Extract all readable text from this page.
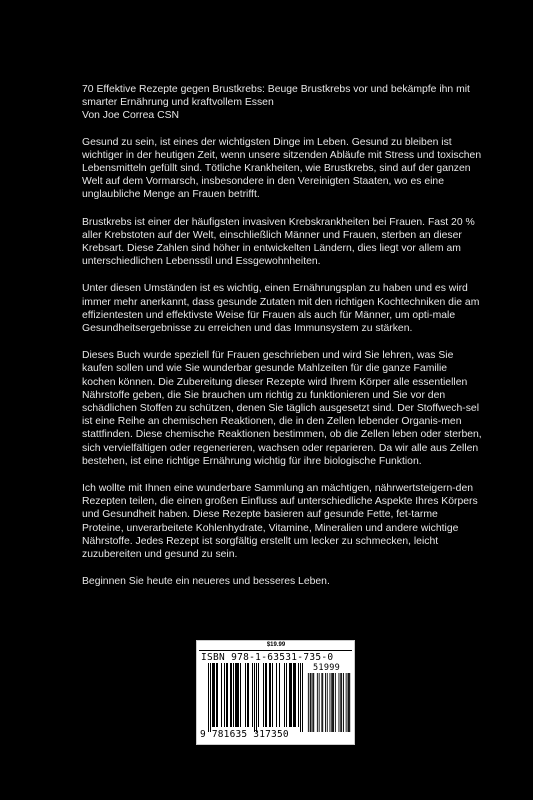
70 Effektive Rezepte gegen Brustkrebs: Beuge Brustkrebs vor und bekämpfe ihn mit
smarter Ernährung und kraftvollem Essen
Von Joe Correa CSN

Gesund zu sein, ist eines der wichtigsten Dinge im Leben. Gesund zu bleiben ist wichtiger in der heutigen Zeit, wenn unsere sitzenden Abläufe mit Stress und toxischen Lebensmitteln gefüllt sind. Tötliche Krankheiten, wie Brustkrebs, sind auf der ganzen Welt auf dem Vormarsch, insbesondere in den Vereinigten Staaten, wo es eine unglaubliche Menge an Frauen betrifft.

Brustkrebs ist einer der häufigsten invasiven Krebskrankheiten bei Frauen. Fast 20 % aller Krebstoten auf der Welt, einschließlich Männer und Frauen, sterben an dieser Krebsart. Diese Zahlen sind höher in entwickelten Ländern, dies liegt vor allem am unterschiedlichen Lebensstil und Essgewohnheiten.

Unter diesen Umständen ist es wichtig, einen Ernährungsplan zu haben und es wird immer mehr anerkannt, dass gesunde Zutaten mit den richtigen Kochtechniken die am effizientesten und effektivste Weise für Frauen als auch für Männer, um opti-male Gesundheitsergebnisse zu erreichen und das Immunsystem zu stärken.

Dieses Buch wurde speziell für Frauen geschrieben und wird Sie lehren, was Sie kaufen sollen und wie Sie wunderbar gesunde Mahlzeiten für die ganze Familie kochen können. Die Zubereitung dieser Rezepte wird Ihrem Körper alle essentiellen Nährstoffe geben, die Sie brauchen um richtig zu funktionieren und Sie vor den schädlichen Stoffen zu schützen, denen Sie täglich ausgesetzt sind. Der Stoffwech-sel ist eine Reihe an chemischen Reaktionen, die in den Zellen lebender Organis-men stattfinden. Diese chemische Reaktionen bestimmen, ob die Zellen leben oder sterben, sich vervielfältigen oder regenerieren, wachsen oder reparieren. Da wir alle aus Zellen bestehen, ist eine richtige Ernährung wichtig für ihre biologische Funktion.

Ich wollte mit Ihnen eine wunderbare Sammlung an mächtigen, nährwertsteigern-den Rezepten teilen, die einen großen Einfluss auf unterschiedliche Aspekte Ihres Körpers und Gesundheit haben. Diese Rezepte basieren auf gesunde Fette, fet-tarme Proteine, unverarbeitete Kohlenhydrate, Vitamine, Mineralien und andere wichtige Nährstoffe. Jedes Rezept ist sorgfältig erstellt um lecker zu schmecken, leicht zuzubereiten und gesund zu sein.

Beginnen Sie heute ein neueres und besseres Leben.

$19.99
ISBN 978-1-63531-735-0
51999
9 781635 317350
